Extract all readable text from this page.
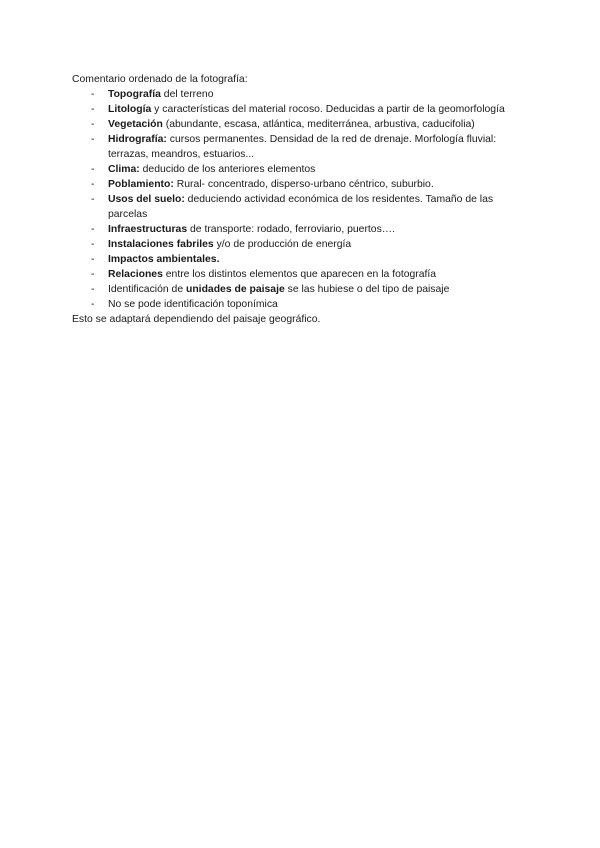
Comentario ordenado de la fotografía:

- Topografía del terreno
- Litología y características del material rocoso. Deducidas a partir de la geomorfología
- Vegetación (abundante, escasa, atlántica, mediterránea, arbustiva, caducifolia)
- Hidrografía: cursos permanentes. Densidad de la red de drenaje. Morfología fluvial: terrazas, meandros, estuarios...
- Clima: deducido de los anteriores elementos
- Poblamiento: Rural- concentrado, disperso-urbano céntrico, suburbio.
- Usos del suelo: deduciendo actividad económica de los residentes. Tamaño de las parcelas
- Infraestructuras de transporte: rodado, ferroviario, puertos….
- Instalaciones fabriles y/o de producción de energía
- Impactos ambientales.
- Relaciones entre los distintos elementos que aparecen en la fotografía
- Identificación de unidades de paisaje se las hubiese o del tipo de paisaje
- No se pode identificación toponímica

Esto se adaptará dependiendo del paisaje geográfico.
